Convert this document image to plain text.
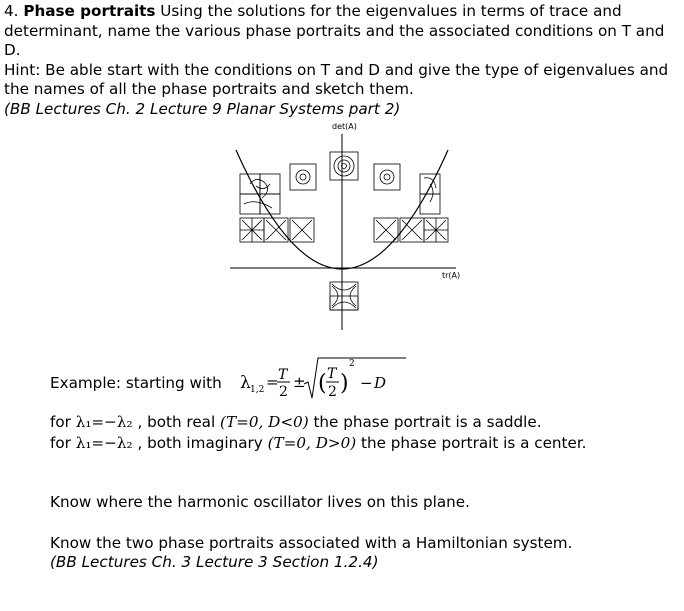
4. Phase portraits Using the solutions for the eigenvalues in terms of trace and determinant, name the various phase portraits and the associated conditions on T and D.
Hint: Be able start with the conditions on T and D and give the type of eigenvalues and the names of all the phase portraits and sketch them.
(BB Lectures Ch. 2 Lecture 9 Planar Systems part 2)
det(A)
tr(A)
Example: starting with λ 1,2 = T
2
± ( T
2 )
2
− D
for λ₁=−λ₂ , both real (T=0, D<0) the phase portrait is a saddle.
for λ₁=−λ₂ , both imaginary (T=0, D>0) the phase portrait is a center.
Know where the harmonic oscillator lives on this plane.
Know the two phase portraits associated with a Hamiltonian system.
(BB Lectures Ch. 3 Lecture 3 Section 1.2.4)
